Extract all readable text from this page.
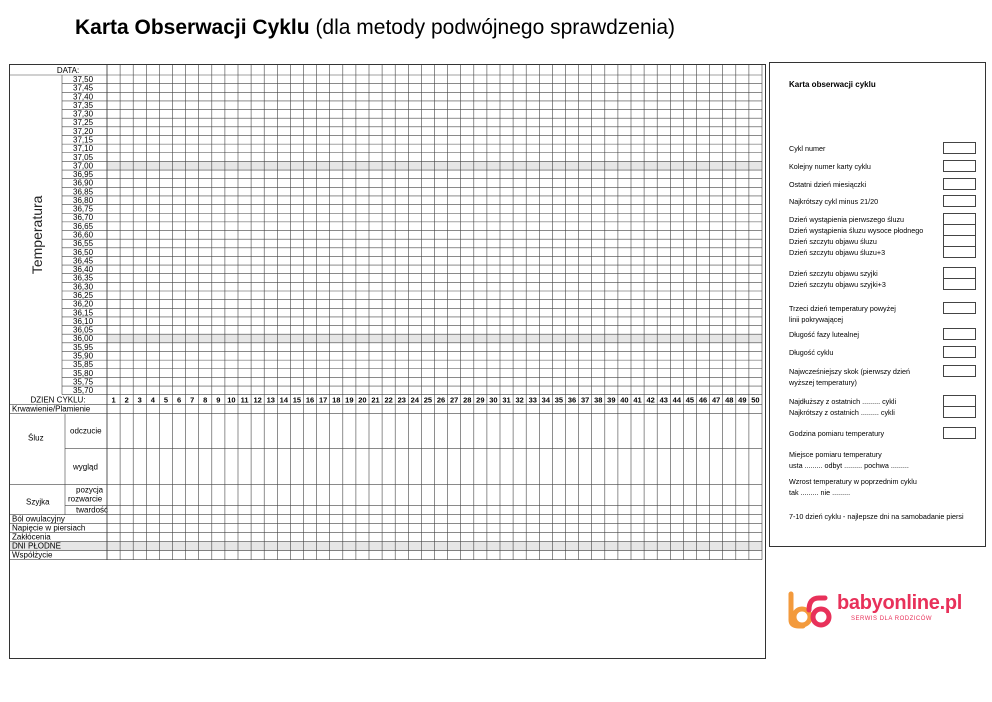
Karta Obserwacji Cyklu (dla metody podwójnego sprawdzenia)
DATA:
37,50
37,45
37,40
37,35
37,30
37,25
37,20
37,15
37,10
37,05
37,00
36,95
36,90
36,85
36,80
36,75
36,70
36,65
36,60
36,55
36,50
36,45
36,40
36,35
36,30
36,25
36,20
36,15
36,10
36,05
36,00
35,95
35,90
35,85
35,80
35,75
35,70
Temperatura
DZIEN CYKLU:	1 2 3 4 5 6 7 8 9 10 11 12 13 14 15 16 17 18 19 20 21 22 23 24 25 26 27 28 29 30 31 32 33 34 35 36 37 38 39 40 41 42 43 44 45 46 47 48 49 50
Krwawienie/Plamienie
Śluz
odczucie
wygląd
Szyjka
pozycja
rozwarcie
twardość
Ból owulacyjny
Napięcie w piersiach
Zakłócenia
DNI PŁODNE
Współżycie
Karta obserwacji cyklu
Cykl numer
Kolejny numer karty cyklu
Ostatni dzień miesiączki
Najkrótszy cykl minus 21/20
Dzień wystąpienia pierwszego śluzu
Dzień wystąpienia śluzu wysoce płodnego
Dzień szczytu objawu śluzu
Dzień szczytu objawu śluzu+3
Dzień szczytu objawu szyjki
Dzień szczytu objawu szyjki+3
Trzeci dzień temperatury powyżej
linii pokrywającej
Długość fazy lutealnej
Długość cyklu
Najwcześniejszy skok (pierwszy dzień
wyższej temperatury)
Najdłuższy z ostatnich ......... cykli
Najkrótszy z ostatnich ......... cykli
Godzina pomiaru temperatury
Miejsce pomiaru temperatury
usta ......... odbyt ......... pochwa .........
Wzrost temperatury w poprzednim cyklu
tak ......... nie .........
7-10 dzień cyklu - najlepsze dni na samobadanie piersi
babyonline.pl
SERWIS DLA RODZICÓW
